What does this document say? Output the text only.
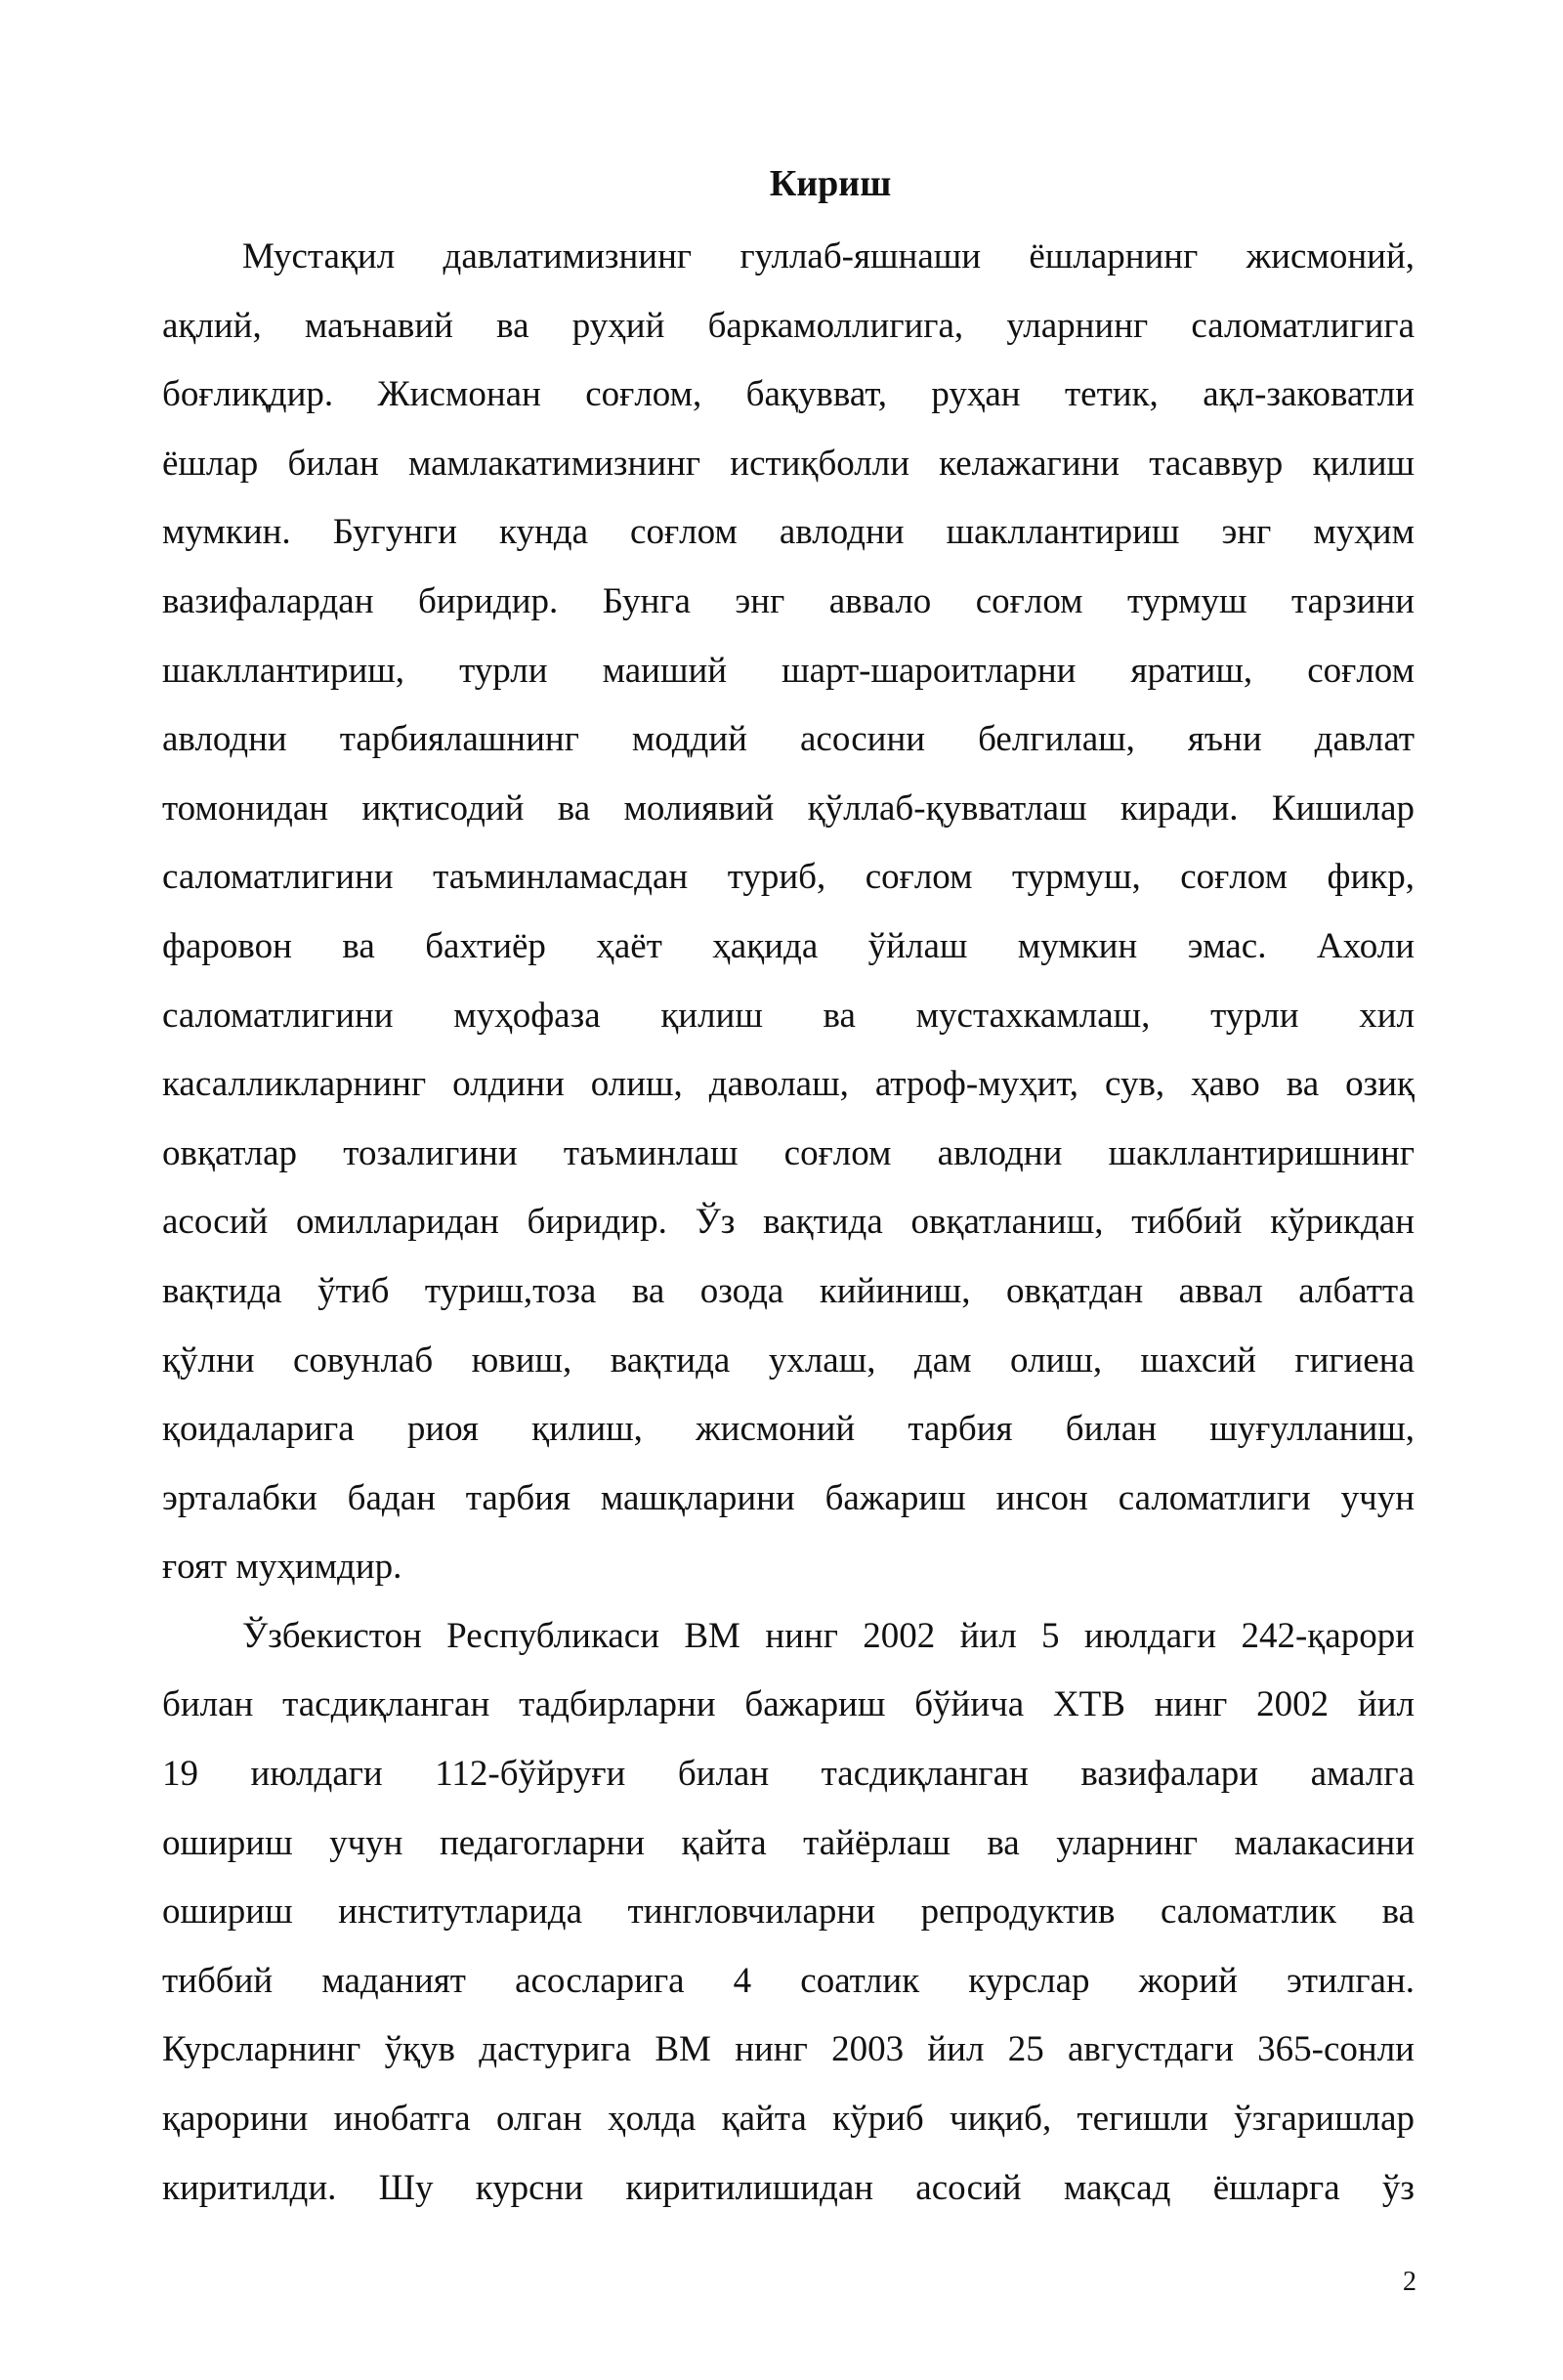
Кириш
Мустақил давлатимизнинг гуллаб-яшнаши ёшларнинг жисмоний,
ақлий, маънавий ва руҳий баркамоллигига, уларнинг саломатлигига
боғлиқдир. Жисмонан соғлом, бақувват, руҳан тетик, ақл-заковатли
ёшлар билан мамлакатимизнинг истиқболли келажагини тасаввур қилиш
мумкин. Бугунги кунда соғлом авлодни шакллантириш энг муҳим
вазифалардан биридир. Бунга энг аввало соғлом турмуш тарзини
шакллантириш, турли маиший шарт-шароитларни яратиш, соғлом
авлодни тарбиялашнинг моддий асосини белгилаш, яъни давлат
томонидан иқтисодий ва молиявий қўллаб-қувватлаш киради. Кишилар
саломатлигини таъминламасдан туриб, соғлом турмуш, соғлом фикр,
фаровон ва бахтиёр ҳаёт ҳақида ўйлаш мумкин эмас. Ахоли
саломатлигини муҳофаза қилиш ва мустахкамлаш, турли хил
касалликларнинг олдини олиш, даволаш, атроф-муҳит, сув, ҳаво ва озиқ
овқатлар тозалигини таъминлаш соғлом авлодни шакллантиришнинг
асосий омилларидан биридир. Ўз вақтида овқатланиш, тиббий кўрикдан
вақтида ўтиб туриш,тоза ва озода кийиниш, овқатдан аввал албатта
қўлни совунлаб ювиш, вақтида ухлаш, дам олиш, шахсий гигиена
қоидаларига риоя қилиш, жисмоний тарбия билан шуғулланиш,
эрталабки бадан тарбия машқларини бажариш инсон саломатлиги учун
ғоят муҳимдир.
Ўзбекистон Республикаси ВМ нинг 2002 йил 5 июлдаги 242-қарори
билан тасдиқланган тадбирларни бажариш бўйича ХТВ нинг 2002 йил
19 июлдаги 112-бўйруғи билан тасдиқланган вазифалари амалга
ошириш учун педагогларни қайта тайёрлаш ва уларнинг малакасини
ошириш институтларида тингловчиларни репродуктив саломатлик ва
тиббий маданият асосларига 4 соатлик курслар жорий этилган.
Курсларнинг ўқув дастурига ВМ нинг 2003 йил 25 августдаги 365-сонли
қарорини инобатга олган ҳолда қайта кўриб чиқиб, тегишли ўзгаришлар
киритилди. Шу курсни киритилишидан асосий мақсад ёшларга ўз
2
